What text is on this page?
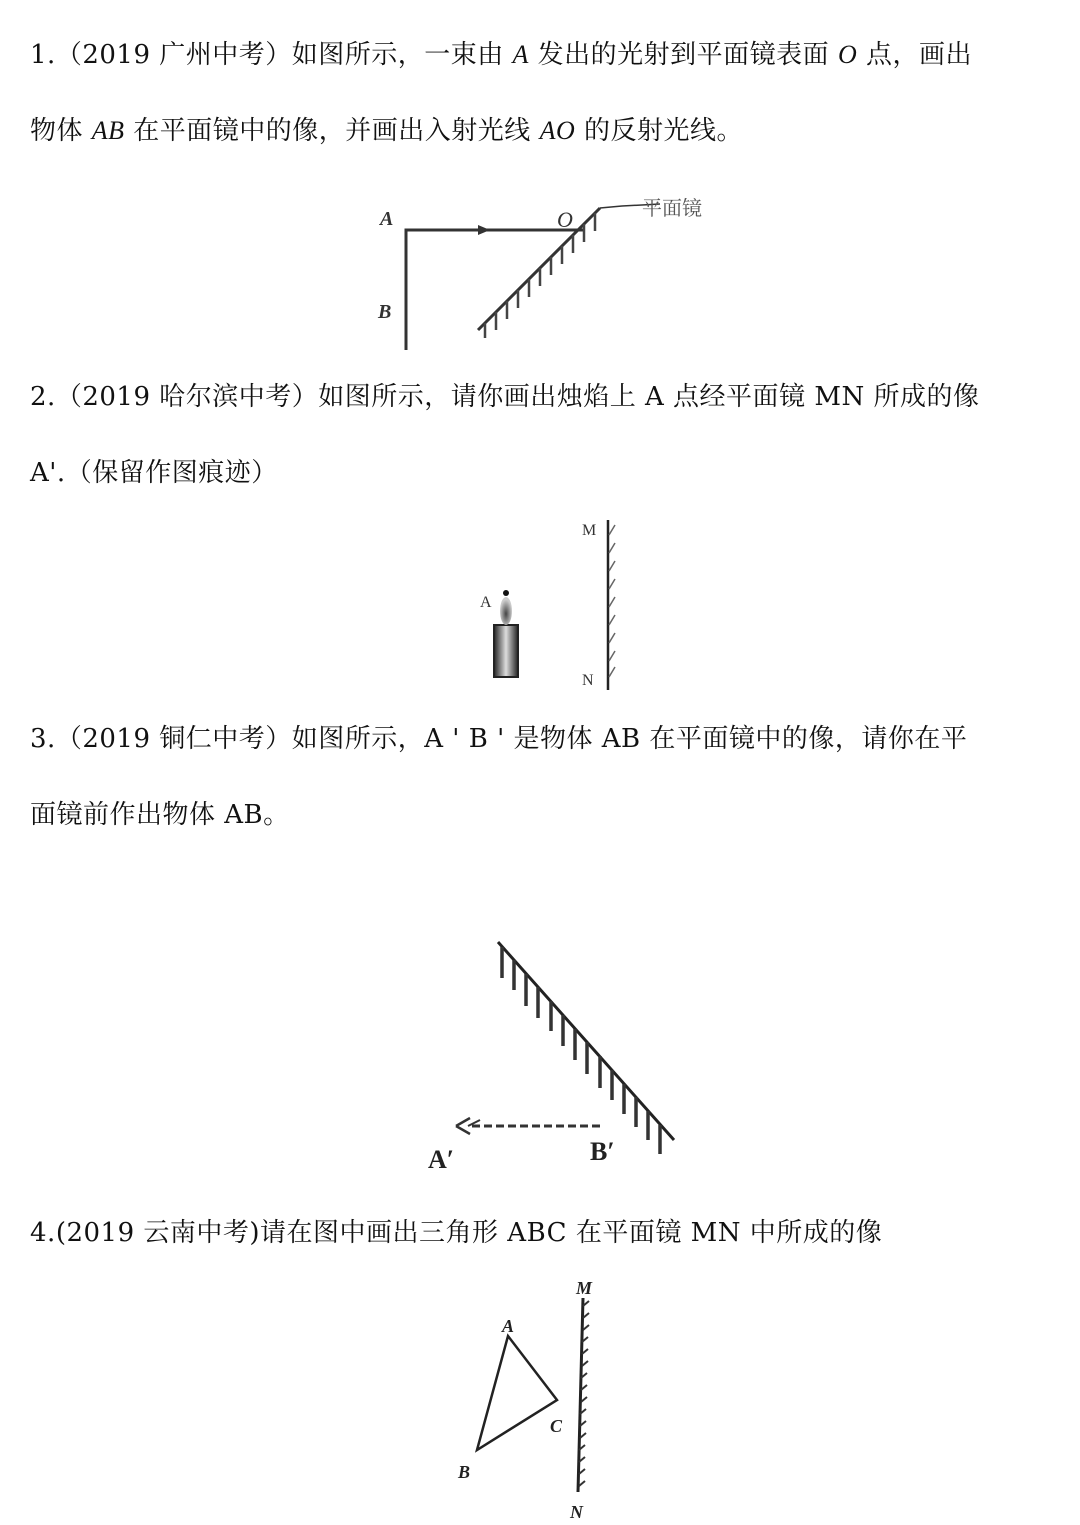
1.（2019 广州中考）如图所示，一束由 A 发出的光射到平面镜表面 O 点，画出
物体 AB 在平面镜中的像，并画出入射光线 AO 的反射光线。
A
B
O	平面镜
2.（2019 哈尔滨中考）如图所示，请你画出烛焰上 A 点经平面镜 MN 所成的像
A'.（保留作图痕迹）
A
M
N
3.（2019 铜仁中考）如图所示，A ' B ' 是物体 AB 在平面镜中的像，请你在平
面镜前作出物体 AB。
A′	B′
4.(2019 云南中考)请在图中画出三角形 ABC 在平面镜 MN 中所成的像
A
B
C
M
N
